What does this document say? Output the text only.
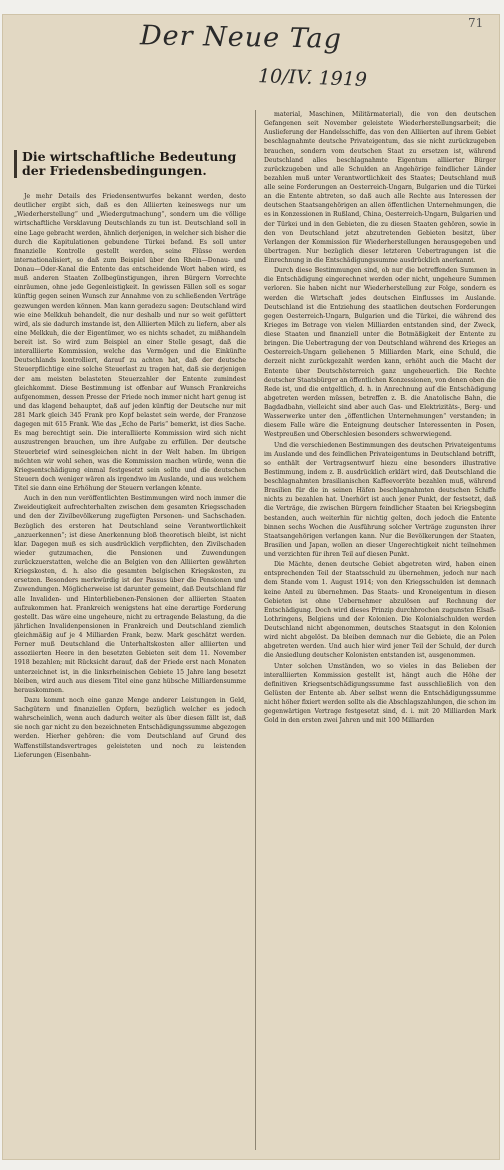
Der Neue Tag
10/IV. 1919
71
Die wirtschaftliche Bedeutung der Friedensbedingungen.

Je mehr Details des Friedensentwurfes bekannt werden, desto deutlicher ergibt sich, daß es den Alliierten keineswegs nur um „Wiederherstellung“ und „Wiedergutmachung“, sondern um die völlige wirtschaftliche Versklavung Deutschlands zu tun ist. Deutschland soll in eine Lage gebracht werden, ähnlich derjenigen, in welcher sich bisher die durch die Kapitulationen gebundene Türkei befand. Es soll unter finanzielle Kontrolle gestellt werden, seine Flüsse werden internationalisiert, so daß zum Beispiel über den Rhein—Donau- und Donau—Oder-Kanal die Entente das entscheidende Wort haben wird, es muß anderen Staaten Zollbegünstigungen, ihren Bürgern Vorrechte einräumen, ohne jede Gegenleistigkeit. In gewissen Fällen soll es sogar künftig gegen seinen Wunsch zur Annahme von zu schließenden Verträge gezwungen werden können. Man kann geradezu sagen: Deutschland wird wie eine Melkkuh behandelt, die nur deshalb und nur so weit gefüttert wird, als sie dadurch imstande ist, den Alliierten Milch zu liefern, aber als eine Melkkuh, die der Eigentümer, wo es nichts schadet, zu mißhandeln bereit ist. So wird zum Beispiel an einer Stelle gesagt, daß die interalliierte Kommission, welche das Vermögen und die Einkünfte Deutschlands kontrolliert, darauf zu achten hat, daß der deutsche Steuerpflichtige eine solche Steuerlast zu tragen hat, daß sie derjenigen der am meisten belasteten Steuerzahler der Entente zumindest gleichkommt. Diese Bestimmung ist offenbar auf Wunsch Frankreichs aufgenommen, dessen Presse der Friede noch immer nicht hart genug ist und das klagend behauptet, daß auf jeden künftig der Deutsche nur mit 281 Mark gleich 345 Frank pro Kopf belastet sein werde, der Franzose dagegen mit 615 Frank. Wie das „Echo de Paris“ bemerkt, ist dies Sache. Es mag berechtigt sein. Die interalliierte Kommission wird sich nicht auszustrengen brauchen, um ihre Aufgabe zu erfüllen. Der deutsche Steuerbrief wird seinesgleichen nicht in der Welt haben. Im übrigen möchten wir wohl sehen, was die Kommission machen würde, wenn die Kriegsentschädigung einmal festgesetzt sein sollte und die deutschen Steuern doch weniger wären als irgendwo im Auslande, und aus welchem Titel sie dann eine Erhöhung der Steuern verlangen könnte.

Auch in den nun veröffentlichten Bestimmungen wird noch immer die Zweideutigkeit aufrechterhalten zwischen dem gesamten Kriegsschaden und den der Zivilbevölkerung zugefügten Personen- und Sachschaden. Bezüglich des ersteren hat Deutschland seine Verantwortlichkeit „anzuerkennen“; ist diese Anerkennung bloß theoretisch bleibt, ist nicht klar. Dagegen muß es sich ausdrücklich verpflichten, den Zivilschaden wieder gutzumachen, die Pensionen und Zuwendungen zurückzuerstatten, welche die an Belgien von den Alliierten gewährten Kriegskosten, d. h. also die gesamten belgischen Kriegskosten, zu ersetzen. Besonders merkwürdig ist der Passus über die Pensionen und Zuwendungen. Möglicherweise ist darunter gemeint, daß Deutschland für alle Invaliden- und Hinterbliebenen-Pensionen der alliierten Staaten aufzukommen hat. Frankreich wenigstens hat eine derartige Forderung gestellt. Das wäre eine ungeheure, nicht zu ertragende Belastung, da die jährlichen Invalidenpensionen in Frankreich und Deutschland ziemlich gleichmäßig auf je 4 Milliarden Frank, bezw. Mark geschätzt werden. Ferner muß Deutschland die Unterhaltskosten aller alliierten und assoziierten Heere in den besetzten Gebieten seit dem 11. November 1918 bezahlen; mit Rücksicht darauf, daß der Friede erst nach Monaten unterzeichnet ist, in die linksrheinischen Gebiete 15 Jahre lang besetzt bleiben, wird auch aus diesem Titel eine ganz hübsche Milliardensumme herauskommen.

Dazu kommt noch eine ganze Menge anderer Leistungen in Geld, Sachgütern und finanziellen Opfern, bezüglich welcher es jedoch wahrscheinlich, wenn auch dadurch weiter als über diesen fällt ist, daß sie noch gar nicht zu den bezeichneten Entschädigungssumme abgezogen werden. Hierher gehören: die vom Deutschland auf Grund des Waffenstillstandsvertrages geleisteten und noch zu leistenden Lieferungen (Eisenbahn-

material, Maschinen, Militärmaterial), die von den deutschen Gefangenen seit November geleistete Wiederherstellungsarbeit; die Auslieferung der Handelsschiffe, das von den Alliierten auf ihrem Gebiet beschlagnahmte deutsche Privateigentum, das sie nicht zurückzugeben brauchen, sondern vom deutschen Staat zu ersetzen ist, während Deutschland alles beschlagnahmte Eigentum alliierter Bürger zurückzugeben und alle Schulden an Angehörige feindlicher Länder bezahlen muß unter Verantwortlichkeit des Staates; Deutschland muß alle seine Forderungen an Oesterreich-Ungarn, Bulgarien und die Türkei an die Entente abtreten, so daß auch alle Rechte aus Interessen der deutschen Staatsangehörigen an allen öffentlichen Unternehmungen, die es in Konzessionen in Rußland, China, Oesterreich-Ungarn, Bulgarien und der Türkei und in den Gebieten, die zu diesen Staaten gehören, sowie in den von Deutschland jetzt abzutretenden Gebieten besitzt, über Verlangen der Kommission für Wiederherstellungen herausgegeben und übertragen. Nur bezüglich dieser letzteren Uebertragungen ist die Einrechnung in die Entschädigungssumme ausdrücklich anerkannt.

Durch diese Bestimmungen sind, ob nur die betreffenden Summen in die Entschädigung eingerechnet werden oder nicht, ungeheure Summen verloren. Sie haben nicht nur Wiederherstellung zur Folge, sondern es werden die Wirtschaft jedes deutschen Einflusses im Auslande. Deutschland ist die Entziehung des staatlichen deutschen Forderungen gegen Oesterreich-Ungarn, Bulgarien und die Türkei, die während des Krieges im Betrage von vielen Milliarden entstanden sind, der Zweck, diese Staaten und finanziell unter die Botmäßigkeit der Entente zu bringen. Die Uebertragung der von Deutschland während des Krieges an Oesterreich-Ungarn geliehenen 5 Milliarden Mark, eine Schuld, die derzeit nicht zurückgezahlt werden kann, erhöht auch die Macht der Entente über Deutschösterreich ganz ungeheuerlich. Die Rechte deutscher Staatsbürger an öffentlichen Konzessionen, von denen oben die Rede ist, und die entgeltlich, d. h. in Anrechnung auf die Entschädigung abgetreten werden müssen, betreffen z. B. die Anatolische Bahn, die Bagdadbahn, vielleicht sind aber auch Gas- und Elektrizitäts-, Berg- und Wasserwerke unter den „öffentlichen Unternehmungen“ verstanden; in diesem Falle wäre die Enteignung deutscher Interessenten in Posen, Westpreußen und Oberschlesien besonders schwerwiegend.

Und die verschiedenen Bestimmungen des deutschen Privateigentums im Auslande und des feindlichen Privateigentums in Deutschland betrifft, so enthält der Vertragsentwurf hiezu eine besonders illustrative Bestimmung, indem z. B. ausdrücklich erklärt wird, daß Deutschland die beschlagnahmten brasilianischen Kaffeevorräte bezahlen muß, während Brasilien für die in seinen Häfen beschlagnahmten deutschen Schiffe nichts zu bezahlen hat. Unerhört ist auch jener Punkt, der festsetzt, daß die Verträge, die zwischen Bürgern feindlicher Staaten bei Kriegsbeginn bestanden, auch weiterhin für nichtig gelten, doch jedoch die Entente binnen sechs Wochen die Ausführung solcher Verträge zugunsten ihrer Staatsangehörigen verlangen kann. Nur die Bevölkerungen der Staaten, Brasilien und Japan, wollen an dieser Ungerechtigkeit nicht teilnehmen und verzichten für ihren Teil auf diesen Punkt.

Die Mächte, denen deutsche Gebiet abgetreten wird, haben einen entsprechenden Teil der Staatsschuld zu übernehmen, jedoch nur nach dem Stande vom 1. August 1914; von den Kriegsschulden ist demnach keine Anteil zu übernehmen. Das Staats- und Kroneigentum in diesen Gebieten ist ohne Uebernehmer abzulösen auf Rechnung der Entschädigung. Doch wird dieses Prinzip durchbrochen zugunsten Elsaß-Lothringens, Belgiens und der Kolonien. Die Kolonialschulden werden Deutschland nicht abgenommen, deutsches Staatsgut in den Kolonien wird nicht abgelöst. Da bleiben demnach nur die Gebiete, die an Polen abgetreten werden. Und auch hier wird jener Teil der Schuld, der durch die Ansiedlung deutscher Kolonisten entstanden ist, ausgenommen.

Unter solchen Umständen, wo so vieles in das Belieben der interalliierten Kommission gestellt ist, hängt auch die Höhe der definitiven Kriegsentschädigungssumme fast ausschließlich von den Gelüsten der Entente ab. Aber selbst wenn die Entschädigungssumme nicht höher fixiert werden sollte als die Abschlagszahlungen, die schon im gegenwärtigen Vertrage festgesetzt sind, d. i. mit 20 Milliarden Mark Gold in den ersten zwei Jahren und mit 100 Milliarden
